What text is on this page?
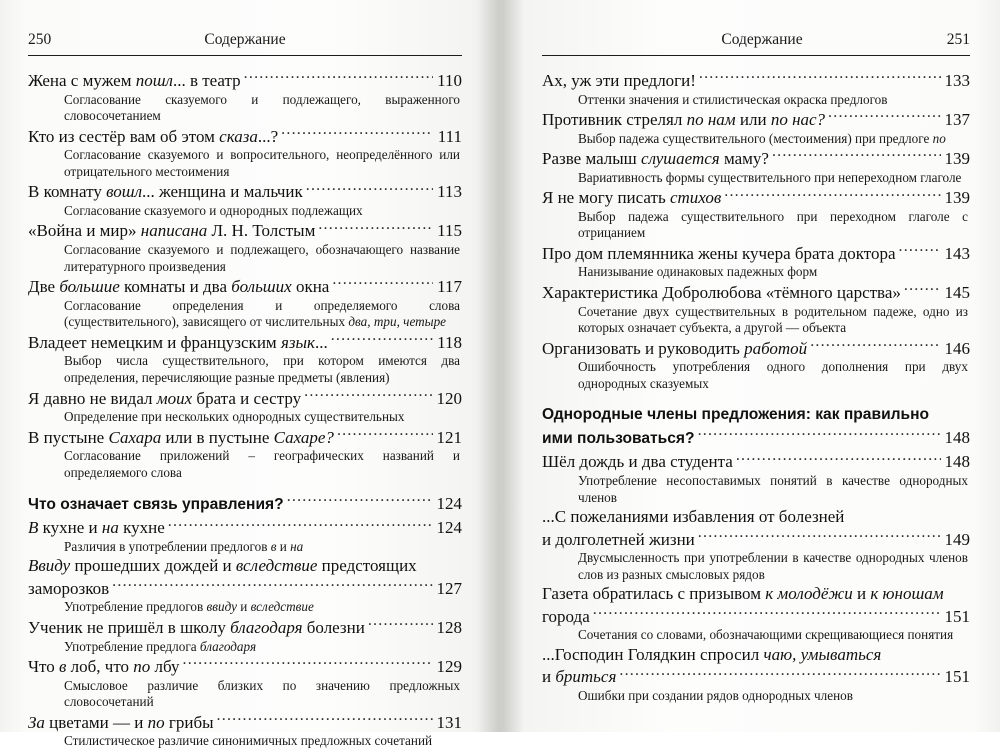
250	Содержание
Жена с мужем пошл... в театр .....	110
Согласование сказуемого и подлежащего, выраженного словосочетанием
Кто из сестёр вам об этом сказа...? .....	111
Согласование сказуемого и вопросительного, неопределённого или отрицательного местоимения
В комнату вошл... женщина и мальчик .....	113
Согласование сказуемого и однородных подлежащих
«Война и мир» написана Л. Н. Толстым .....	115
Согласование сказуемого и подлежащего, обозначающего название литературного произведения
Две большие комнаты и два больших окна .....	117
Согласование определения и определяемого слова (существительного), зависящего от числительных два, три, четыре
Владеет немецким и французским язык... .....	118
Выбор числа существительного, при котором имеются два определения, перечисляющие разные предметы (явления)
Я давно не видал моих брата и сестру .....	120
Определение при нескольких однородных существительных
В пустыне Сахара или в пустыне Сахаре? .....	121
Согласование приложений – географических названий и определяемого слова
Что означает связь управления? .....	124
В кухне и на кухне .....	124
Различия в употреблении предлогов в и на
Ввиду прошедших дождей и вследствие предстоящих
заморозков .....	127
Употребление предлогов ввиду и вследствие
Ученик не пришёл в школу благодаря болезни .....	128
Употребление предлога благодаря
Что в лоб, что по лбу .....	129
Смысловое различие близких по значению предложных словосочетаний
За цветами — и по грибы .....	131
Стилистическое различие синонимичных предложных сочетаний
Содержание	251
Ах, уж эти предлоги! .....	133
Оттенки значения и стилистическая окраска предлогов
Противник стрелял по нам или по нас? .....	137
Выбор падежа существительного (местоимения) при предлоге по
Разве малыш слушается маму? .....	139
Вариативность формы существительного при непереходном глаголе
Я не могу писать стихов .....	139
Выбор падежа существительного при переходном глаголе с отрицанием
Про дом племянника жены кучера брата доктора .....	143
Нанизывание одинаковых падежных форм
Характеристика Добролюбова «тёмного царства» .....	145
Сочетание двух существительных в родительном падеже, одно из которых означает субъекта, а другой — объекта
Организовать и руководить работой .....	146
Ошибочность употребления одного дополнения при двух однородных сказуемых
Однородные члены предложения: как правильно
ими пользоваться? .....	148
Шёл дождь и два студента .....	148
Употребление несопоставимых понятий в качестве однородных членов
...С пожеланиями избавления от болезней
и долголетней жизни .....	149
Двусмысленность при употреблении в качестве однородных членов слов из разных смысловых рядов
Газета обратилась с призывом к молодёжи и к юношам
города .....	151
Сочетания со словами, обозначающими скрещивающиеся понятия
...Господин Голядкин спросил чаю, умываться
и бриться .....	151
Ошибки при создании рядов однородных членов
